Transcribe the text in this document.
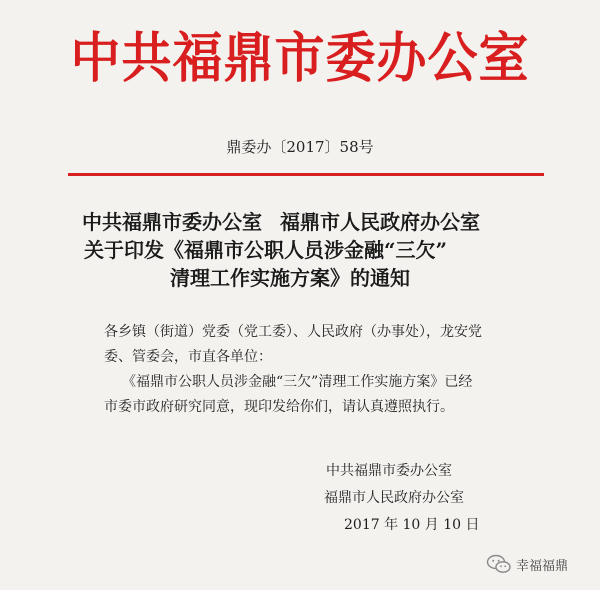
中共福鼎市委办公室
鼎委办〔2017〕58号
中共福鼎市委办公室 福鼎市人民政府办公室
关于印发《福鼎市公职人员涉金融“三欠”
清理工作实施方案》的通知
各乡镇（街道）党委（党工委）、人民政府（办事处），龙安党
委、管委会，市直各单位：
《福鼎市公职人员涉金融“三欠”清理工作实施方案》已经
市委市政府研究同意，现印发给你们，请认真遵照执行。
中共福鼎市委办公室
福鼎市人民政府办公室
2017 年 10 月 10 日
幸福福鼎
